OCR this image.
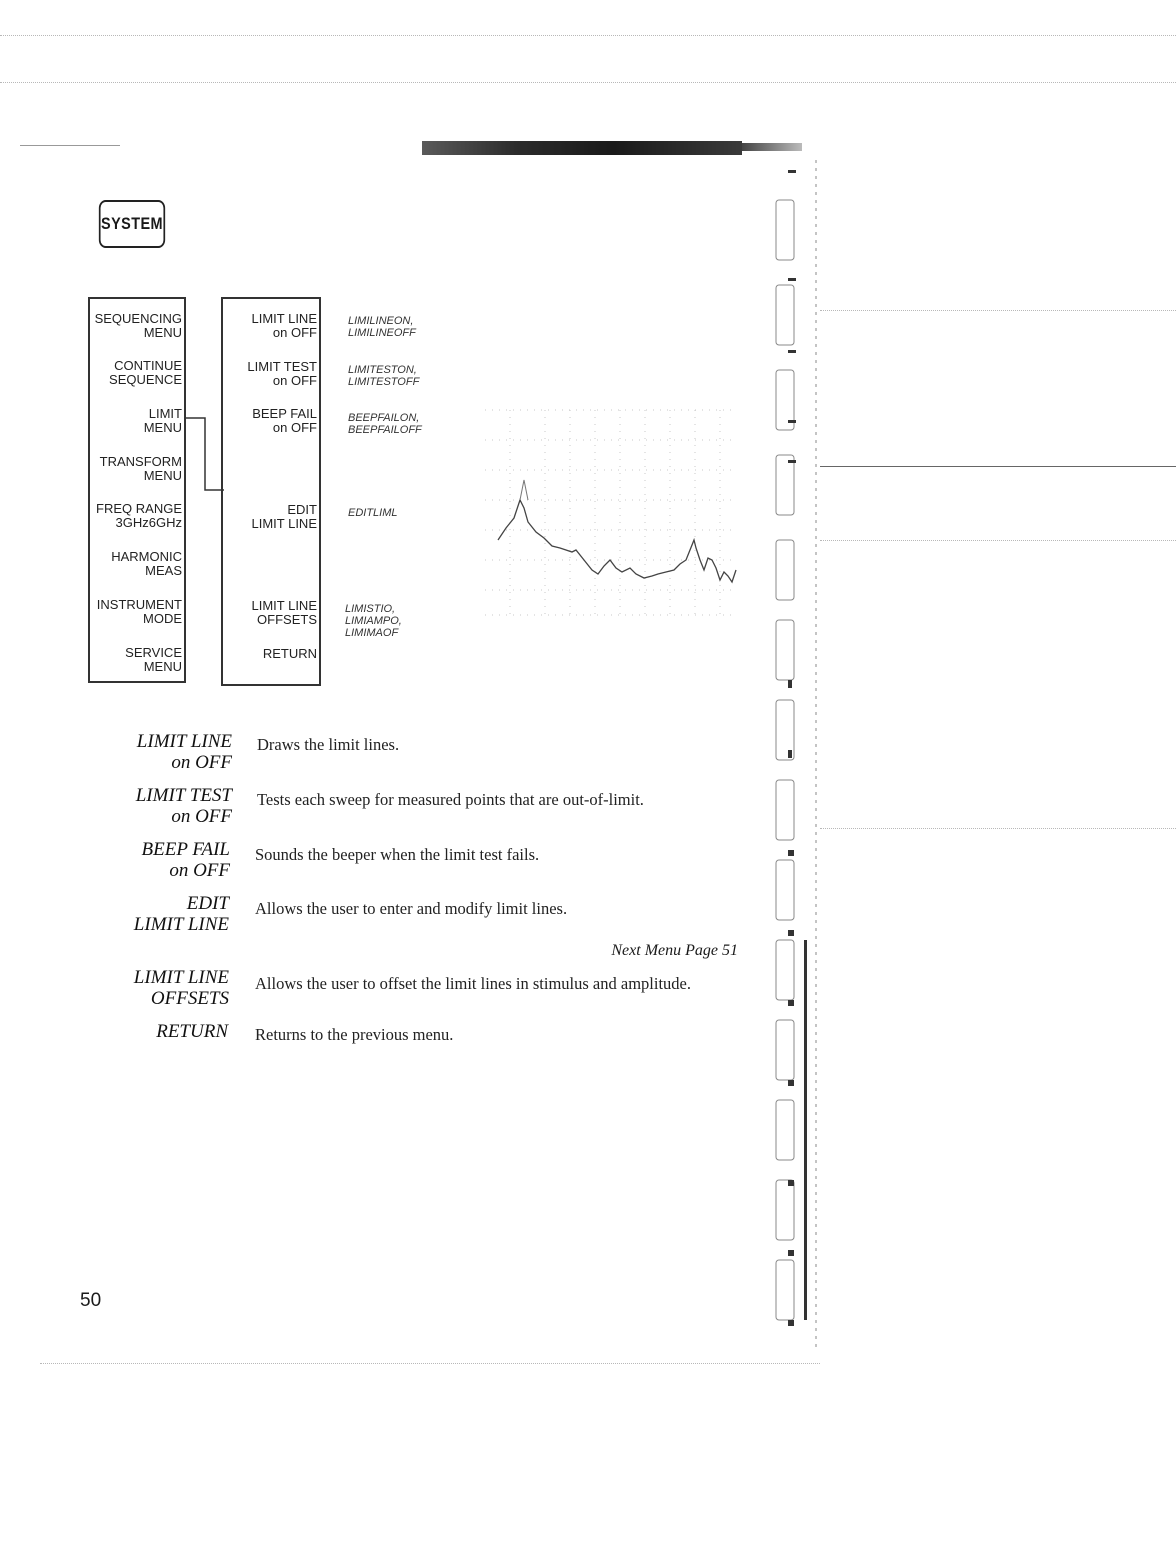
SYSTEM
SEQUENCING
MENU
CONTINUE
SEQUENCE
LIMIT
MENU
TRANSFORM
MENU
FREQ RANGE
3GHz6GHz
HARMONIC
MEAS
INSTRUMENT
MODE
SERVICE
MENU
LIMIT LINE
on OFF
LIMIT TEST
on OFF
BEEP FAIL
on OFF
EDIT
LIMIT LINE
LIMIT LINE
OFFSETS
RETURN
LIMILINEON,
LIMILINEOFF
LIMITESTON,
LIMITESTOFF
BEEPFAILON,
BEEPFAILOFF
EDITLIML
LIMISTIO,
LIMIAMPO,
LIMIMAOF
LIMIT LINE
on OFF
Draws the limit lines.
LIMIT TEST
on OFF
Tests each sweep for measured points that are out-of-limit.
BEEP FAIL
on OFF
Sounds the beeper when the limit test fails.
EDIT
LIMIT LINE
Allows the user to enter and modify limit lines.
Next Menu Page 51
LIMIT LINE
OFFSETS
Allows the user to offset the limit lines in stimulus and amplitude.
RETURN Returns to the previous menu.
50
